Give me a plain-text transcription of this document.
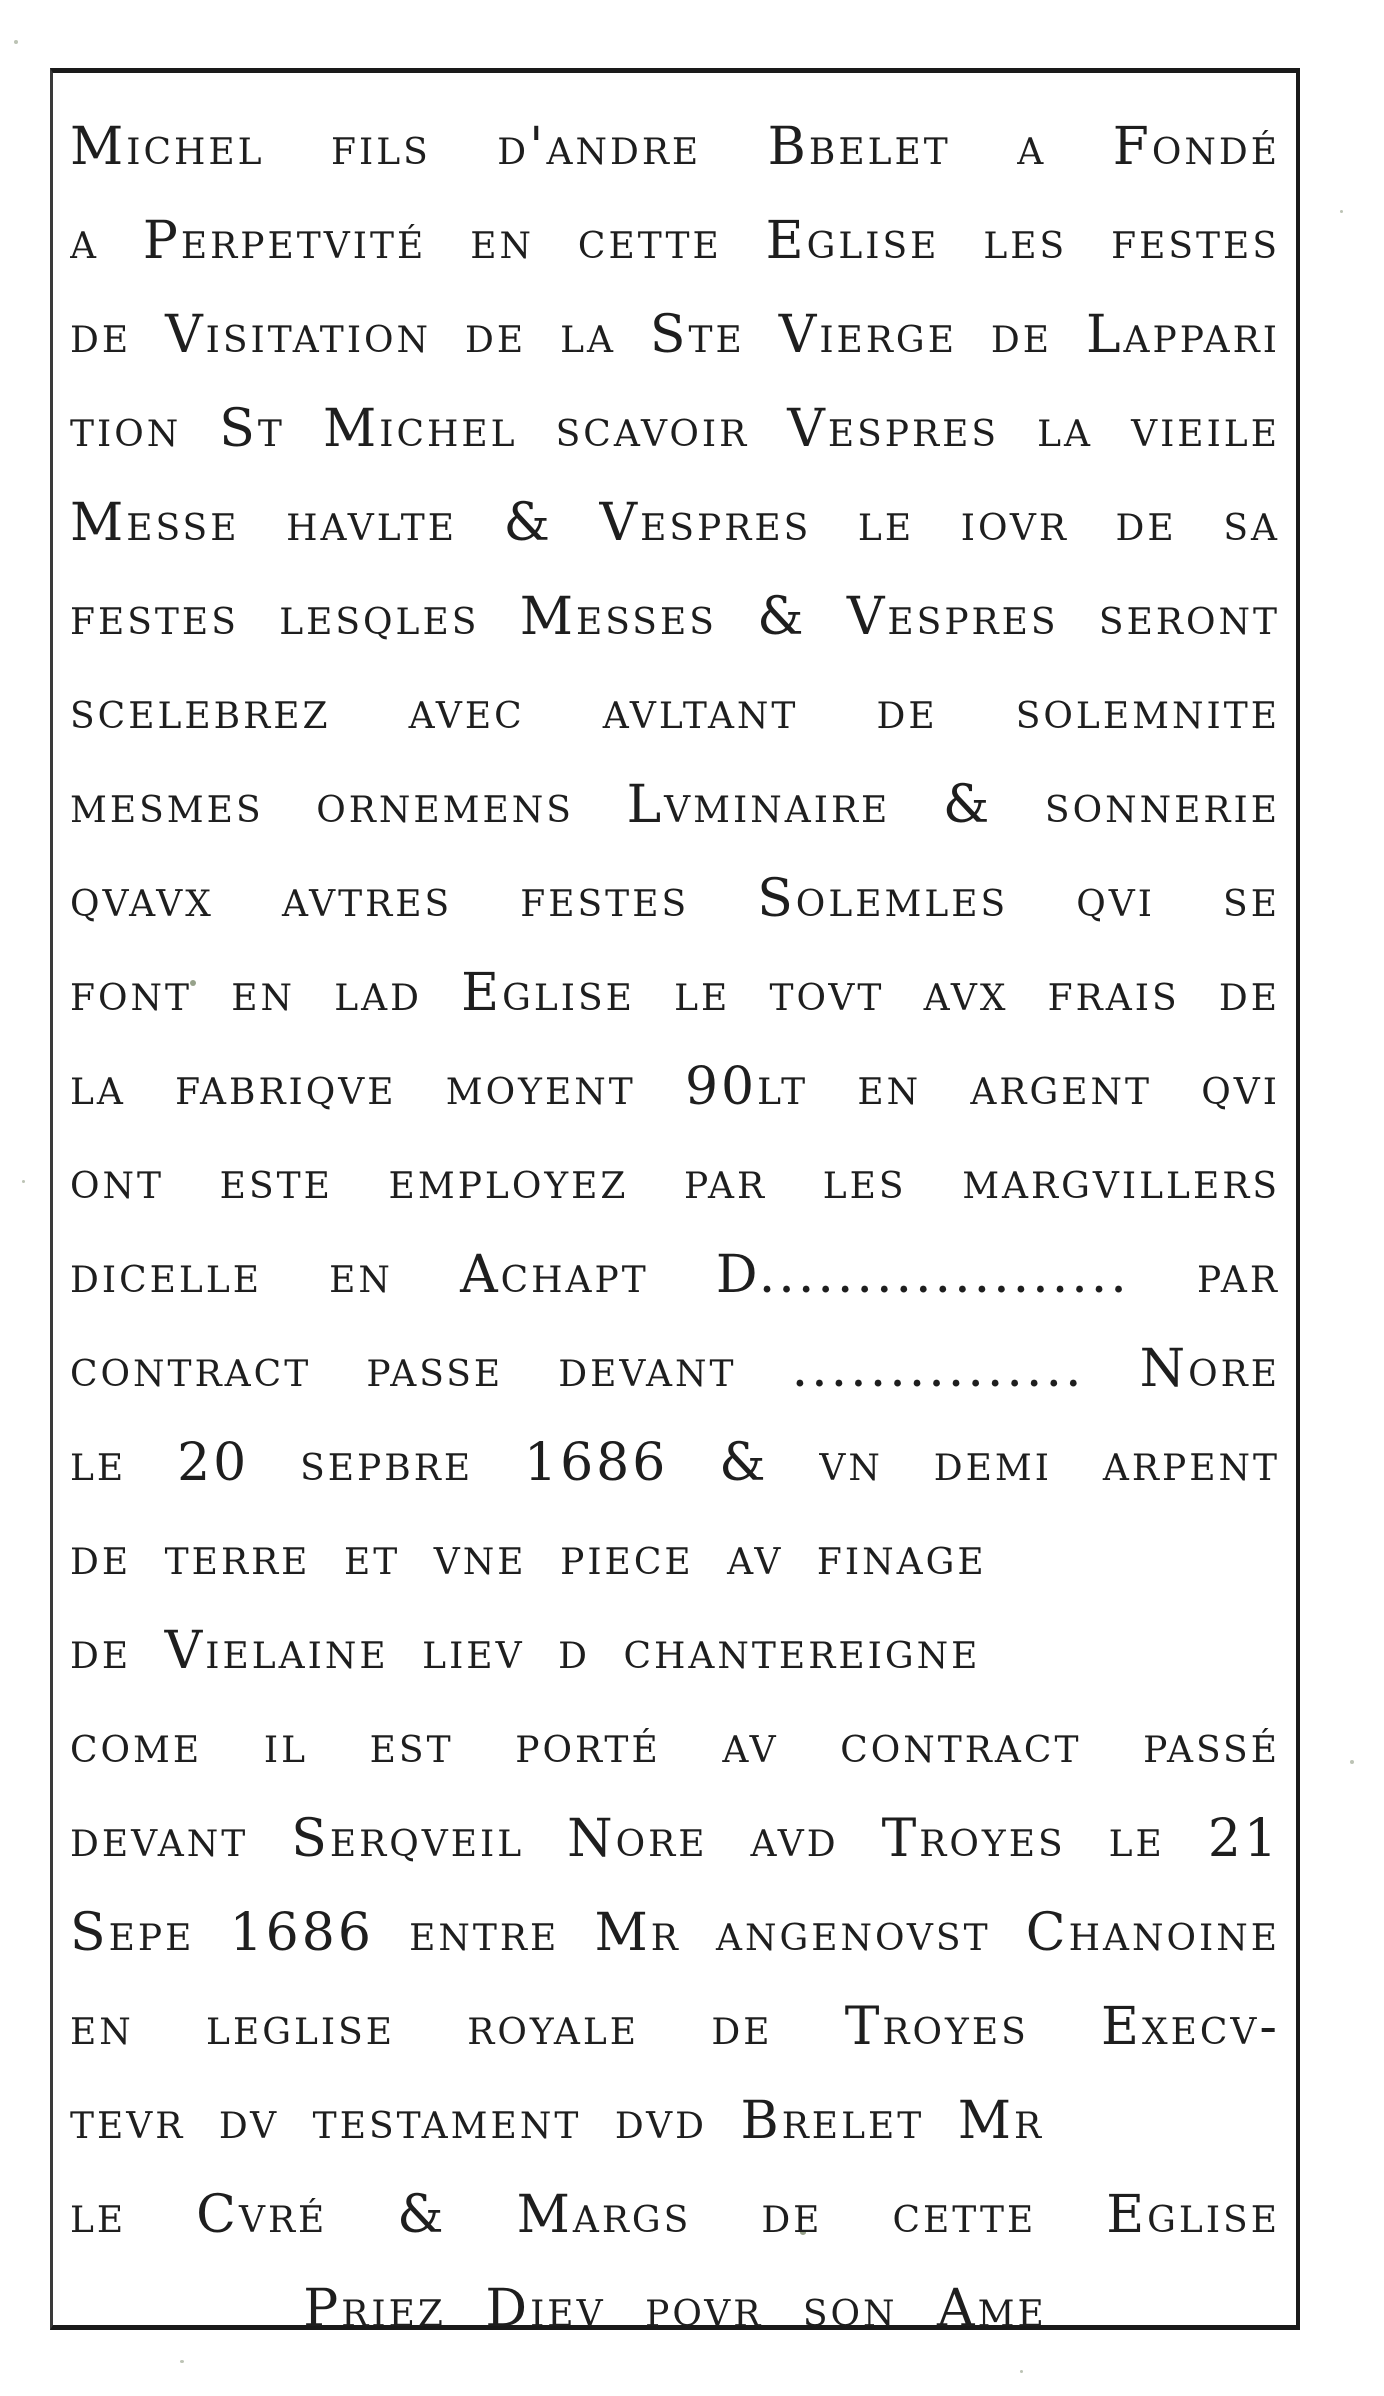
Michel fils d'andre Bbelet a Fondé
a Perpetvité en cette Eglise les festes
de Visitation de la Ste Vierge de Lappari
tion St Michel scavoir Vespres la vieile
Messe havlte & Vespres le iovr de sa
festes lesqles Messes & Vespres seront
scelebrez avec avltant de solemnite
mesmes ornemens Lvminaire & sonnerie
qvavx avtres festes Solemles qvi se
font en lad Eglise le tovt avx frais de
la fabriqve moyent 90lt en argent qvi
ont este employez par les margvillers
dicelle en Achapt D................... par
contract passe devant ............... Nore
le 20 sepbre 1686 & vn demi arpent
de terre et vne piece av finage
de Vielaine liev d chantereigne
come il est porté av contract passé
devant Serqveil Nore avd Troyes le 21
Sepe 1686 entre Mr angenovst Chanoine
en leglise royale de Troyes Execv-
tevr dv testament dvd Brelet Mr
le Cvré & Margs de cette Eglise
Priez Diev povr son Ame
